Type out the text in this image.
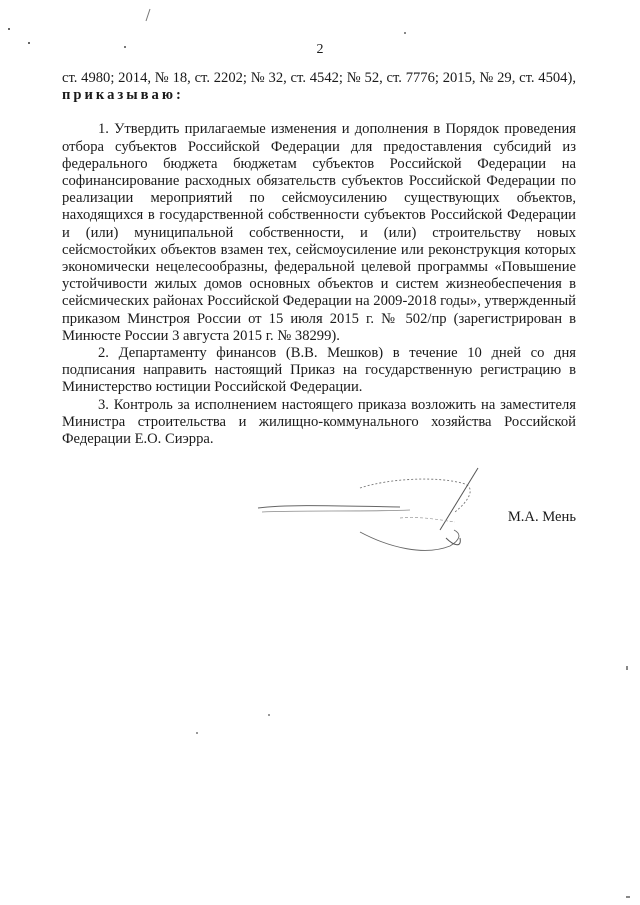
2

ст. 4980; 2014, № 18, ст. 2202; № 32, ст. 4542; № 52, ст. 7776; 2015, № 29, ст. 4504), приказываю:

1. Утвердить прилагаемые изменения и дополнения в Порядок проведения отбора субъектов Российской Федерации для предоставления субсидий из федерального бюджета бюджетам субъектов Российской Федерации на софинансирование расходных обязательств субъектов Российской Федерации по реализации мероприятий по сейсмоусилению существующих объектов, находящихся в государственной собственности субъектов Российской Федерации и (или) муниципальной собственности, и (или) строительству новых сейсмостойких объектов взамен тех, сейсмоусиление или реконструкция которых экономически нецелесообразны, федеральной целевой программы «Повышение устойчивости жилых домов основных объектов и систем жизнеобеспечения в сейсмических районах Российской Федерации на 2009-2018 годы», утвержденный приказом Минстроя России от 15 июля 2015 г. № 502/пр (зарегистрирован в Минюсте России 3 августа 2015 г. № 38299).

2. Департаменту финансов (В.В. Мешков) в течение 10 дней со дня подписания направить настоящий Приказ на государственную регистрацию в Министерство юстиции Российской Федерации.

3. Контроль за исполнением настоящего приказа возложить на заместителя Министра строительства и жилищно-коммунального хозяйства Российской Федерации Е.О. Сиэрра.

М.А. Мень
